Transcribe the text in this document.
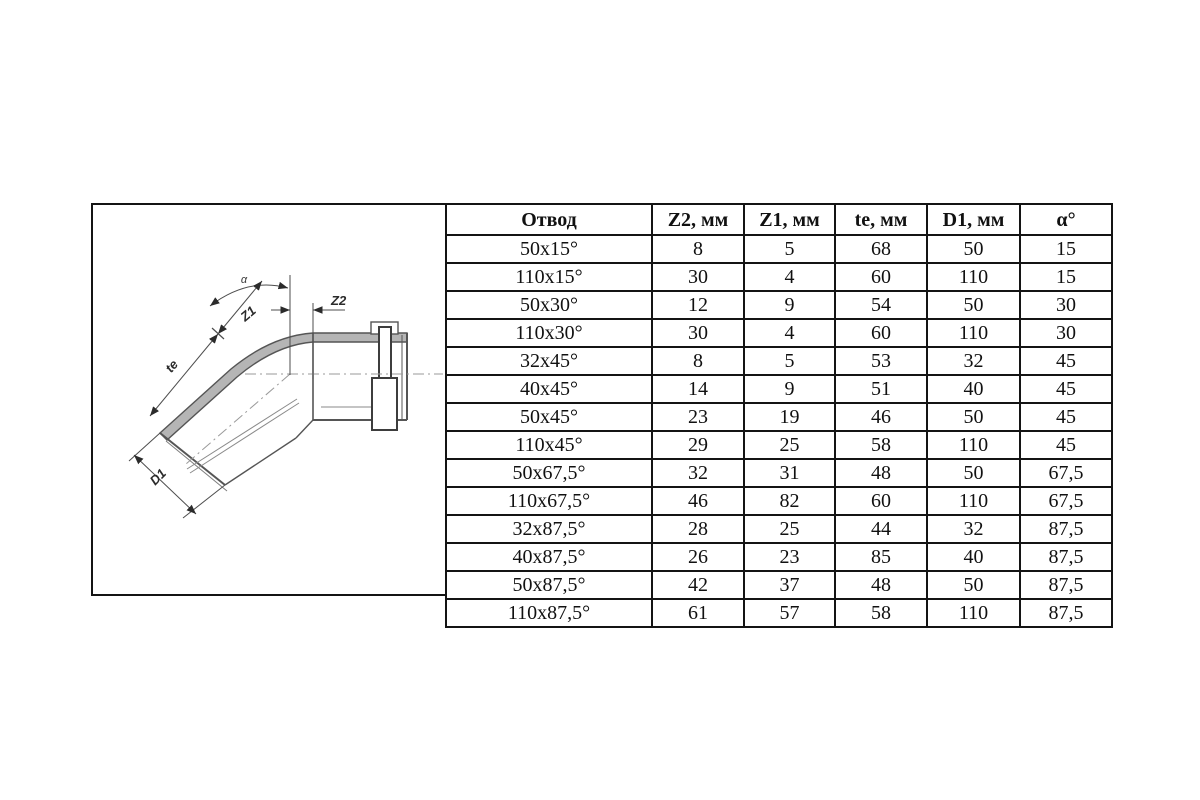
α
Z1
Z2
te
D1
Отвод	Z2, мм	Z1, мм	te, мм	D1, мм	α°
50x15°	8	5	68	50	15
110x15°	30	4	60	110	15
50x30°	12	9	54	50	30
110x30°	30	4	60	110	30
32x45°	8	5	53	32	45
40x45°	14	9	51	40	45
50x45°	23	19	46	50	45
110x45°	29	25	58	110	45
50x67,5°	32	31	48	50	67,5
110x67,5°	46	82	60	110	67,5
32x87,5°	28	25	44	32	87,5
40x87,5°	26	23	85	40	87,5
50x87,5°	42	37	48	50	87,5
110x87,5°	61	57	58	110	87,5
